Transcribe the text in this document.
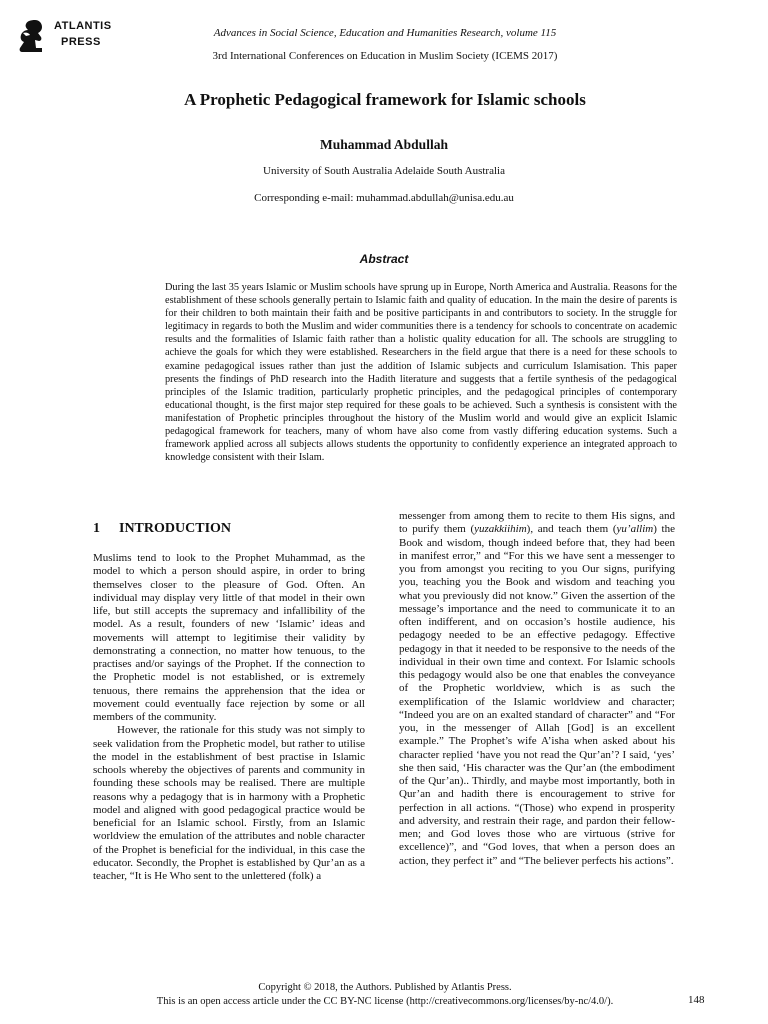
ATLANTIS
PRESS
Advances in Social Science, Education and Humanities Research, volume 115
3rd International Conferences on Education in Muslim Society (ICEMS 2017)
A Prophetic Pedagogical framework for Islamic schools
Muhammad Abdullah
University of South Australia Adelaide South Australia
Corresponding e-mail: muhammad.abdullah@unisa.edu.au
Abstract

During the last 35 years Islamic or Muslim schools have sprung up in Europe, North America and Australia. Reasons for the establishment of these schools generally pertain to Islamic faith and quality of education. In the main the desire of parents is for their children to both maintain their faith and be positive participants in and contributors to society. In the struggle for legitimacy in regards to both the Muslim and wider communities there is a tendency for schools to concentrate on academic results and the formalities of Islamic faith rather than a holistic quality education for all. The schools are struggling to achieve the goals for which they were established. Researchers in the field argue that there is a need for these schools to examine pedagogical issues rather than just the addition of Islamic subjects and curriculum Islamisation. This paper presents the findings of PhD research into the Hadith literature and suggests that a fertile synthesis of the pedagogical principles of the Islamic tradition, particularly prophetic principles, and the pedagogical principles of contemporary educational thought, is the first major step required for these goals to be achieved. Such a synthesis is consistent with the manifestation of Prophetic principles throughout the history of the Muslim world and would give an explicit Islamic pedagogical framework for teachers, many of whom have also come from vastly differing education systems. Such a framework applied across all subjects allows students the opportunity to confidently experience an integrated approach to knowledge consistent with their Islam.

1 INTRODUCTION

Muslims tend to look to the Prophet Muhammad, as the model to which a person should aspire, in order to bring themselves closer to the pleasure of God. Often. An individual may display very little of that model in their own life, but still accepts the supremacy and infallibility of the model. As a result, founders of new ‘Islamic’ ideas and movements will attempt to legitimise their validity by demonstrating a connection, no matter how tenuous, to the practises and/or sayings of the Prophet. If the connection to the Prophetic model is not established, or is extremely tenuous, there remains the apprehension that the idea or movement could eventually face rejection by some or all members of the community.

However, the rationale for this study was not simply to seek validation from the Prophetic model, but rather to utilise the model in the establishment of best practise in Islamic schools whereby the objectives of parents and community in founding these schools may be realised. There are multiple reasons why a pedagogy that is in harmony with a Prophetic model and aligned with good pedagogical practice would be beneficial for an Islamic school. Firstly, from an Islamic worldview the emulation of the attributes and noble character of the Prophet is beneficial for the individual, in this case the educator. Secondly, the Prophet is established by Qur’an as a teacher, “It is He Who sent to the unlettered (folk) a

messenger from among them to recite to them His signs, and to purify them (yuzakkiihim), and teach them (yu’allim) the Book and wisdom, though indeed before that, they had been in manifest error,” and “For this we have sent a messenger to you from amongst you reciting to you Our signs, purifying you, teaching you the Book and wisdom and teaching you what you previously did not know.” Given the assertion of the message’s importance and the need to communicate it to an often indifferent, and on occasion’s hostile audience, his pedagogy needed to be an effective pedagogy. Effective pedagogy in that it needed to be responsive to the needs of the individual in their own time and context. For Islamic schools this pedagogy would also be one that enables the conveyance of the Prophetic worldview, which is as such the exemplification of the Islamic worldview and character; “Indeed you are on an exalted standard of character” and “For you, in the messenger of Allah [God] is an excellent example.” The Prophet’s wife A’isha when asked about his character replied ‘have you not read the Qur’an’? I said, ‘yes’ she then said, ‘His character was the Qur’an (the embodiment of the Qur’an).. Thirdly, and maybe most importantly, both in Qur’an and hadith there is encouragement to strive for perfection in all actions. “(Those) who expend in prosperity and adversity, and restrain their rage, and pardon their fellow-men; and God loves those who are virtuous (strive for excellence)”, and “God loves, that when a person does an action, they perfect it” and “The believer perfects his actions”.

Copyright © 2018, the Authors. Published by Atlantis Press.
This is an open access article under the CC BY-NC license (http://creativecommons.org/licenses/by-nc/4.0/).	148
